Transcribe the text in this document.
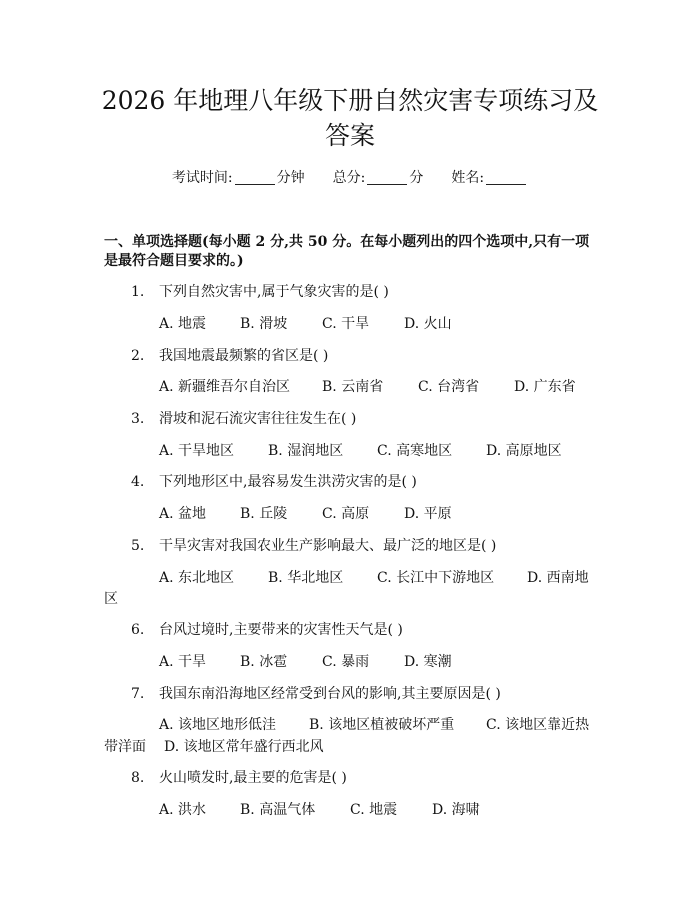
2026 年地理八年级下册自然灾害专项练习及
答案
考试时间:	分钟 总分:	分 姓名:
一、单项选择题(每小题 2 分,共 50 分。在每小题列出的四个选项中,只有一项
是最符合题目要求的。)
1. 下列自然灾害中,属于气象灾害的是( )
A. 地震 B. 滑坡 C. 干旱 D. 火山
2. 我国地震最频繁的省区是( )
A. 新疆维吾尔自治区 B. 云南省 C. 台湾省 D. 广东省
3. 滑坡和泥石流灾害往往发生在( )
A. 干旱地区 B. 湿润地区 C. 高寒地区 D. 高原地区
4. 下列地形区中,最容易发生洪涝灾害的是( )
A. 盆地 B. 丘陵 C. 高原 D. 平原
5. 干旱灾害对我国农业生产影响最大、最广泛的地区是( )
A. 东北地区 B. 华北地区 C. 长江中下游地区 D. 西南地
区
6. 台风过境时,主要带来的灾害性天气是( )
A. 干旱 B. 冰雹 C. 暴雨 D. 寒潮
7. 我国东南沿海地区经常受到台风的影响,其主要原因是( )
A. 该地区地形低洼 B. 该地区植被破坏严重 C. 该地区靠近热
带洋面 D. 该地区常年盛行西北风
8. 火山喷发时,最主要的危害是( )
A. 洪水 B. 高温气体 C. 地震 D. 海啸
